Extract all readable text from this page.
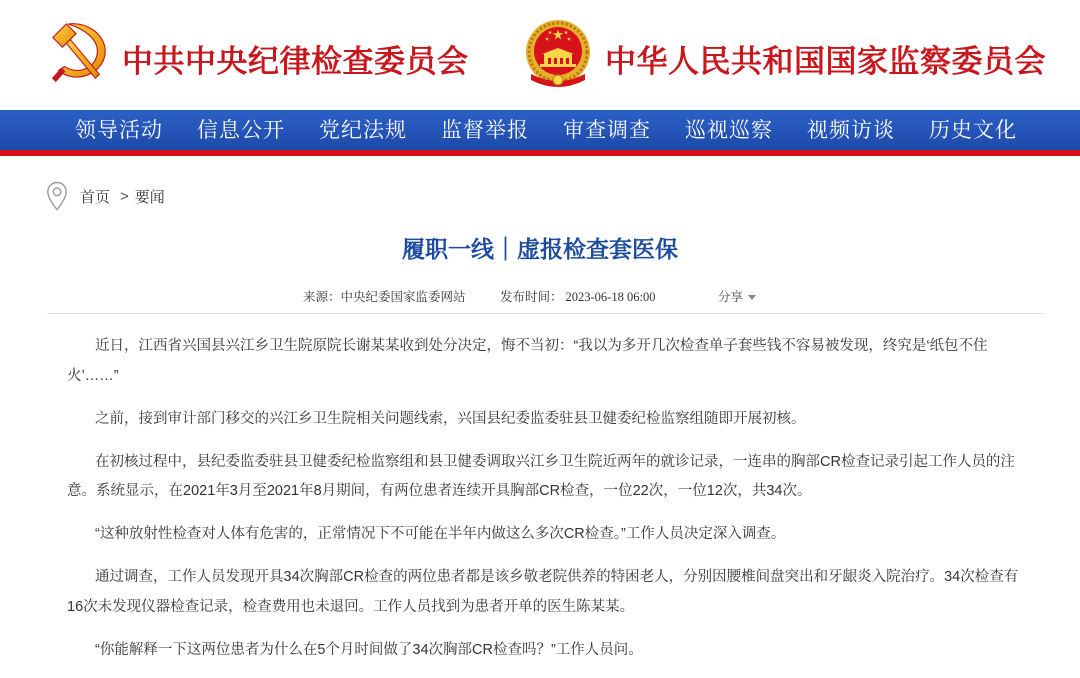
中共中央纪律检查委员会	中华人民共和国国家监察委员会
领导活动	信息公开	党纪法规	监督举报	审查调查	巡视巡察	视频访谈	历史文化
首页 > 要闻
履职一线｜虚报检查套医保
来源： 中央纪委国家监委网站	发布时间： 2023-06-18 06:00	分享

近日，江西省兴国县兴江乡卫生院原院长谢某某收到处分决定，悔不当初：“我以为多开几次检查单子套些钱不容易被发现，终究是‘纸包不住火’……”

之前，接到审计部门移交的兴江乡卫生院相关问题线索，兴国县纪委监委驻县卫健委纪检监察组随即开展初核。

在初核过程中，县纪委监委驻县卫健委纪检监察组和县卫健委调取兴江乡卫生院近两年的就诊记录，一连串的胸部CR检查记录引起工作人员的注意。系统显示，在2021年3月至2021年8月期间，有两位患者连续开具胸部CR检查，一位22次，一位12次，共34次。

“这种放射性检查对人体有危害的，正常情况下不可能在半年内做这么多次CR检查。”工作人员决定深入调查。

通过调查，工作人员发现开具34次胸部CR检查的两位患者都是该乡敬老院供养的特困老人，分别因腰椎间盘突出和牙龈炎入院治疗。34次检查有16次未发现仪器检查记录，检查费用也未退回。工作人员找到为患者开单的医生陈某某。

“你能解释一下这两位患者为什么在5个月时间做了34次胸部CR检查吗？”工作人员问。
